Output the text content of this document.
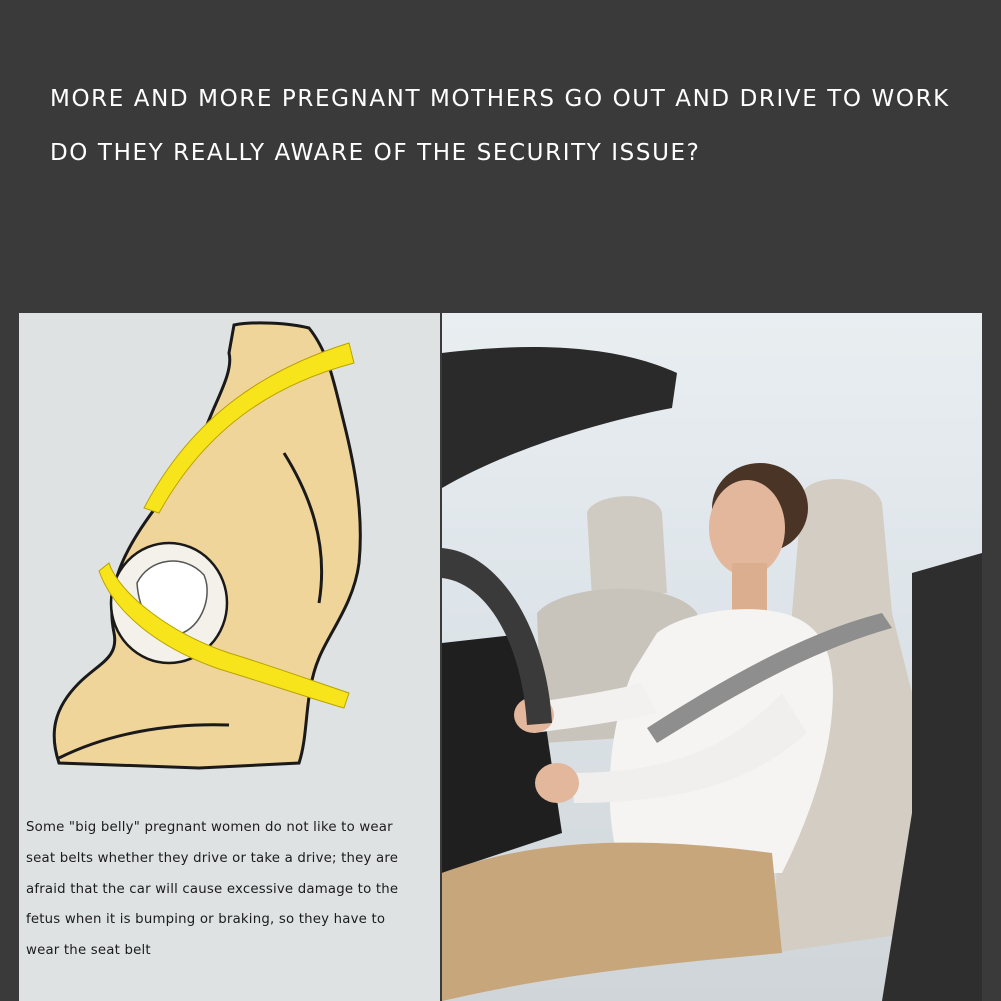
MORE AND MORE PREGNANT MOTHERS GO OUT AND DRIVE TO WORK
DO THEY REALLY AWARE OF THE SECURITY ISSUE?
Some "big belly" pregnant women do not like to wear
seat belts whether they drive or take a drive; they are
afraid that the car will cause excessive damage to the
fetus when it is bumping or braking, so they have to
wear the seat belt
